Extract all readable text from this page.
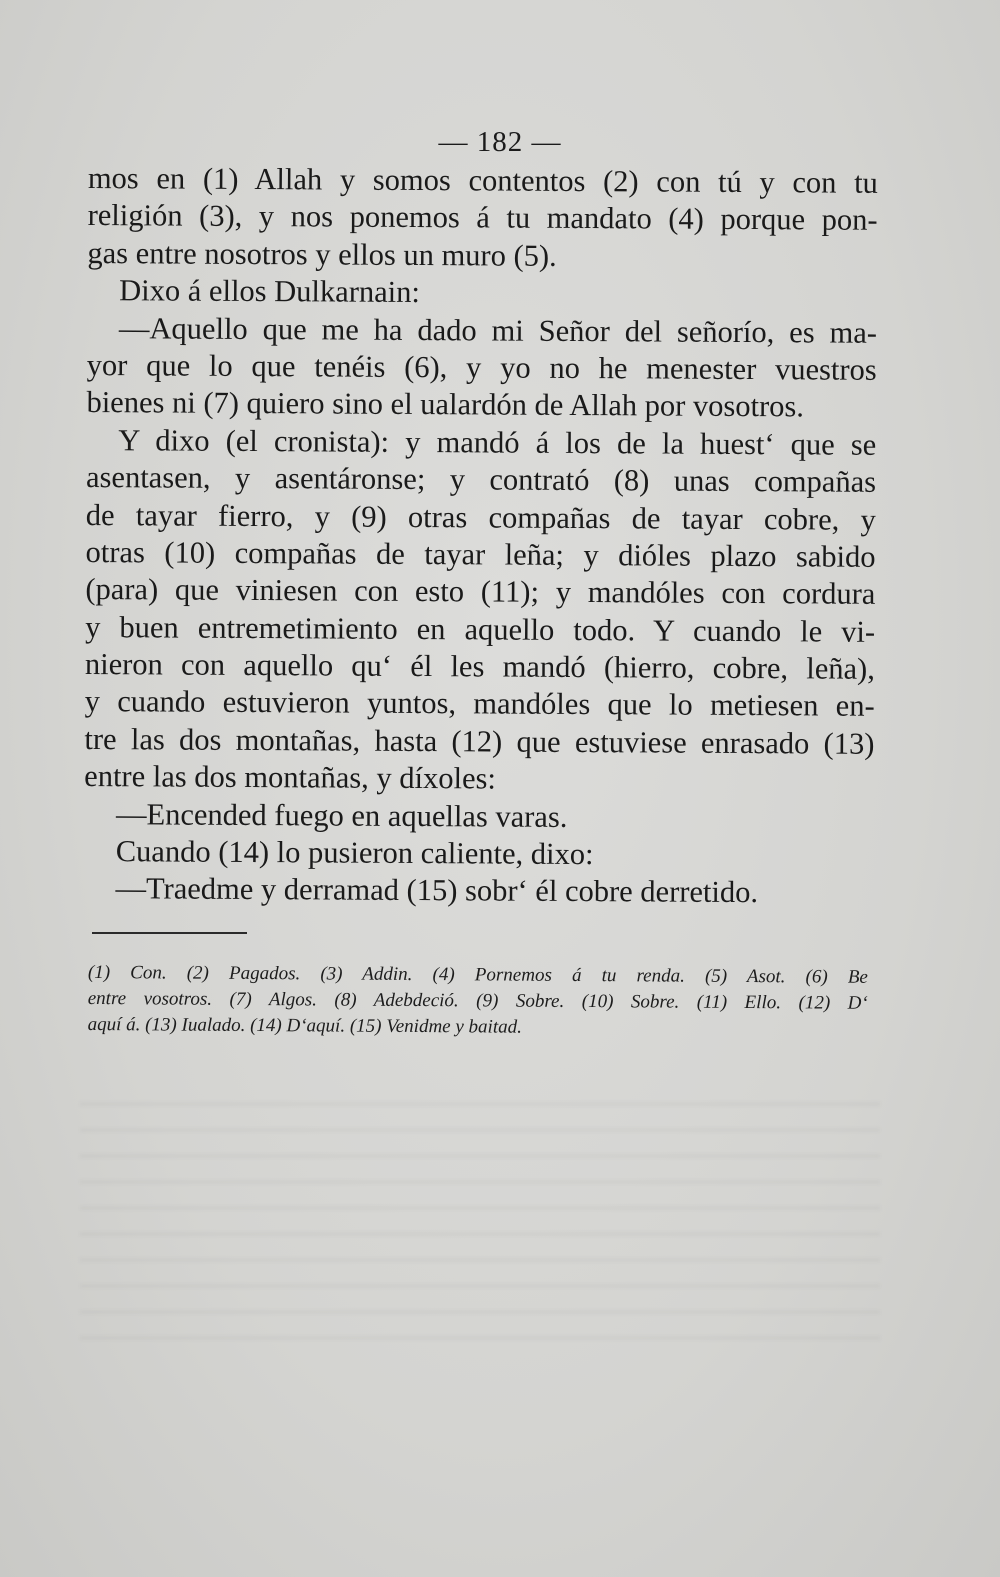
— 182 —
mos en (1) Allah y somos contentos (2) con tú y con tu
religión (3), y nos ponemos á tu mandato (4) porque pon-
gas entre nosotros y ellos un muro (5).
Dixo á ellos Dulkarnain:
—Aquello que me ha dado mi Señor del señorío, es ma-
yor que lo que tenéis (6), y yo no he menester vuestros
bienes ni (7) quiero sino el ualardón de Allah por vosotros.
Y dixo (el cronista): y mandó á los de la huest‘ que se
asentasen, y asentáronse; y contrató (8) unas compañas
de tayar fierro, y (9) otras compañas de tayar cobre, y
otras (10) compañas de tayar leña; y dióles plazo sabido
(para) que viniesen con esto (11); y mandóles con cordura
y buen entremetimiento en aquello todo. Y cuando le vi-
nieron con aquello qu‘ él les mandó (hierro, cobre, leña),
y cuando estuvieron yuntos, mandóles que lo metiesen en-
tre las dos montañas, hasta (12) que estuviese enrasado (13)
entre las dos montañas, y díxoles:
—Encended fuego en aquellas varas.
Cuando (14) lo pusieron caliente, dixo:
—Traedme y derramad (15) sobr‘ él cobre derretido.
(1) Con. (2) Pagados. (3) Addin. (4) Pornemos á tu renda. (5) Asot. (6) Be
entre vosotros. (7) Algos. (8) Adebdeció. (9) Sobre. (10) Sobre. (11) Ello. (12) D‘
aquí á. (13) Iualado. (14) D‘aquí. (15) Venidme y baitad.
